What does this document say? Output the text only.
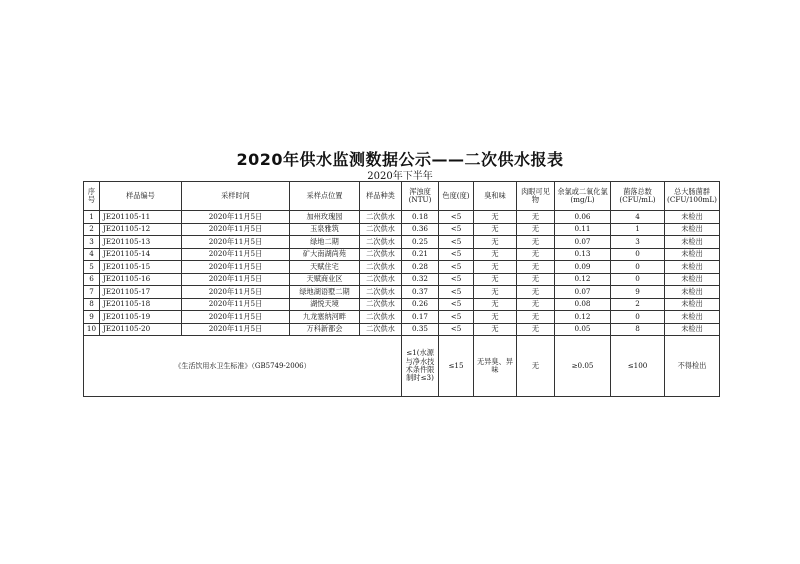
2020年供水监测数据公示——二次供水报表
2020年下半年
序号	样品编号	采样时间	采样点位置	样品种类	浑浊度(NTU)	色度(度)	臭和味	肉眼可见物	余氯或二氧化氯(mg/L)	菌落总数(CFU/mL)	总大肠菌群(CFU/100mL)
1	JE201105-11	2020年11月5日	加州玫瑰园	二次供水	0.18	<5	无	无	0.06	4	未检出
2	JE201105-12	2020年11月5日	玉泉雅筑	二次供水	0.36	<5	无	无	0.11	1	未检出
3	JE201105-13	2020年11月5日	绿地二期	二次供水	0.25	<5	无	无	0.07	3	未检出
4	JE201105-14	2020年11月5日	矿大南湖尚苑	二次供水	0.21	<5	无	无	0.13	0	未检出
5	JE201105-15	2020年11月5日	天赋住宅	二次供水	0.28	<5	无	无	0.09	0	未检出
6	JE201105-16	2020年11月5日	天赋商业区	二次供水	0.32	<5	无	无	0.12	0	未检出
7	JE201105-17	2020年11月5日	绿地湖语墅二期	二次供水	0.37	<5	无	无	0.07	9	未检出
8	JE201105-18	2020年11月5日	湖悦天境	二次供水	0.26	<5	无	无	0.08	2	未检出
9	JE201105-19	2020年11月5日	九龙塞纳河畔	二次供水	0.17	<5	无	无	0.12	0	未检出
10	JE201105-20	2020年11月5日	万科新都会	二次供水	0.35	<5	无	无	0.05	8	未检出
《生活饮用水卫生标准》（GB5749-2006）					≤1(水源与净水技术条件限制时≤3)	≤15	无异臭、异味	无	≥0.05	≤100	不得检出
